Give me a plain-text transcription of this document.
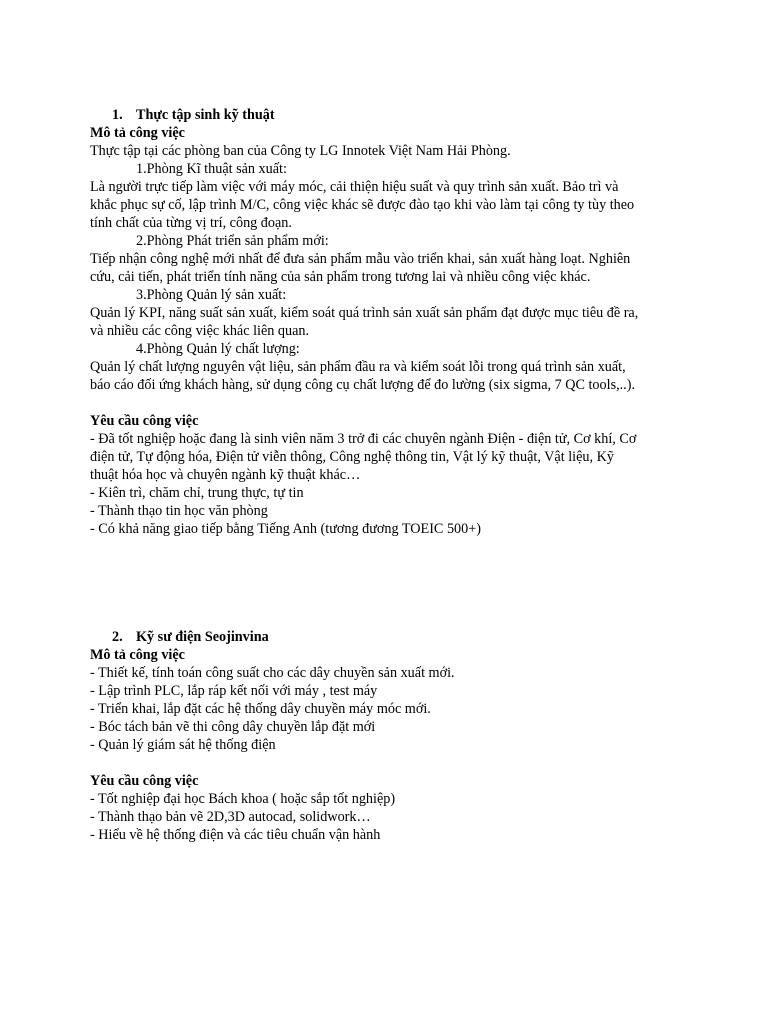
1. Thực tập sinh kỹ thuật
Mô tả công việc
Thực tập tại các phòng ban của Công ty LG Innotek Việt Nam Hải Phòng.
1.Phòng Kĩ thuật sản xuất:
Là người trực tiếp làm việc với máy móc, cải thiện hiệu suất và quy trình sản xuất. Bảo trì và
khắc phục sự cố, lập trình M/C, công việc khác sẽ được đào tạo khi vào làm tại công ty tùy theo
tính chất của từng vị trí, công đoạn.
2.Phòng Phát triển sản phẩm mới:
Tiếp nhận công nghệ mới nhất để đưa sản phẩm mẫu vào triển khai, sản xuất hàng loạt. Nghiên
cứu, cải tiến, phát triển tính năng của sản phẩm trong tương lai và nhiều công việc khác.
3.Phòng Quản lý sản xuất:
Quản lý KPI, năng suất sản xuất, kiểm soát quá trình sản xuất sản phẩm đạt được mục tiêu đề ra,
và nhiều các công việc khác liên quan.
4.Phòng Quản lý chất lượng:
Quản lý chất lượng nguyên vật liệu, sản phẩm đầu ra và kiểm soát lỗi trong quá trình sản xuất,
báo cáo đối ứng khách hàng, sử dụng công cụ chất lượng để đo lường (six sigma, 7 QC tools,..).
Yêu cầu công việc
- Đã tốt nghiệp hoặc đang là sinh viên năm 3 trở đi các chuyên ngành Điện - điện tử, Cơ khí, Cơ
điện tử, Tự động hóa, Điện tử viễn thông, Công nghệ thông tin, Vật lý kỹ thuật, Vật liệu, Kỹ
thuật hóa học và chuyên ngành kỹ thuật khác…
- Kiên trì, chăm chỉ, trung thực, tự tin
- Thành thạo tin học văn phòng
- Có khả năng giao tiếp bằng Tiếng Anh (tương đương TOEIC 500+)
2. Kỹ sư điện Seojinvina
Mô tả công việc
- Thiết kế, tính toán công suất cho các dây chuyền sản xuất mới.
- Lập trình PLC, lắp ráp kết nối với máy , test máy
- Triển khai, lắp đặt các hệ thống dây chuyền máy móc mới.
- Bóc tách bản vẽ thi công dây chuyền lắp đặt mới
- Quản lý giám sát hệ thống điện
Yêu cầu công việc
- Tốt nghiệp đại học Bách khoa ( hoặc sắp tốt nghiệp)
- Thành thạo bản vẽ 2D,3D autocad, solidwork…
- Hiểu về hệ thống điện và các tiêu chuẩn vận hành
